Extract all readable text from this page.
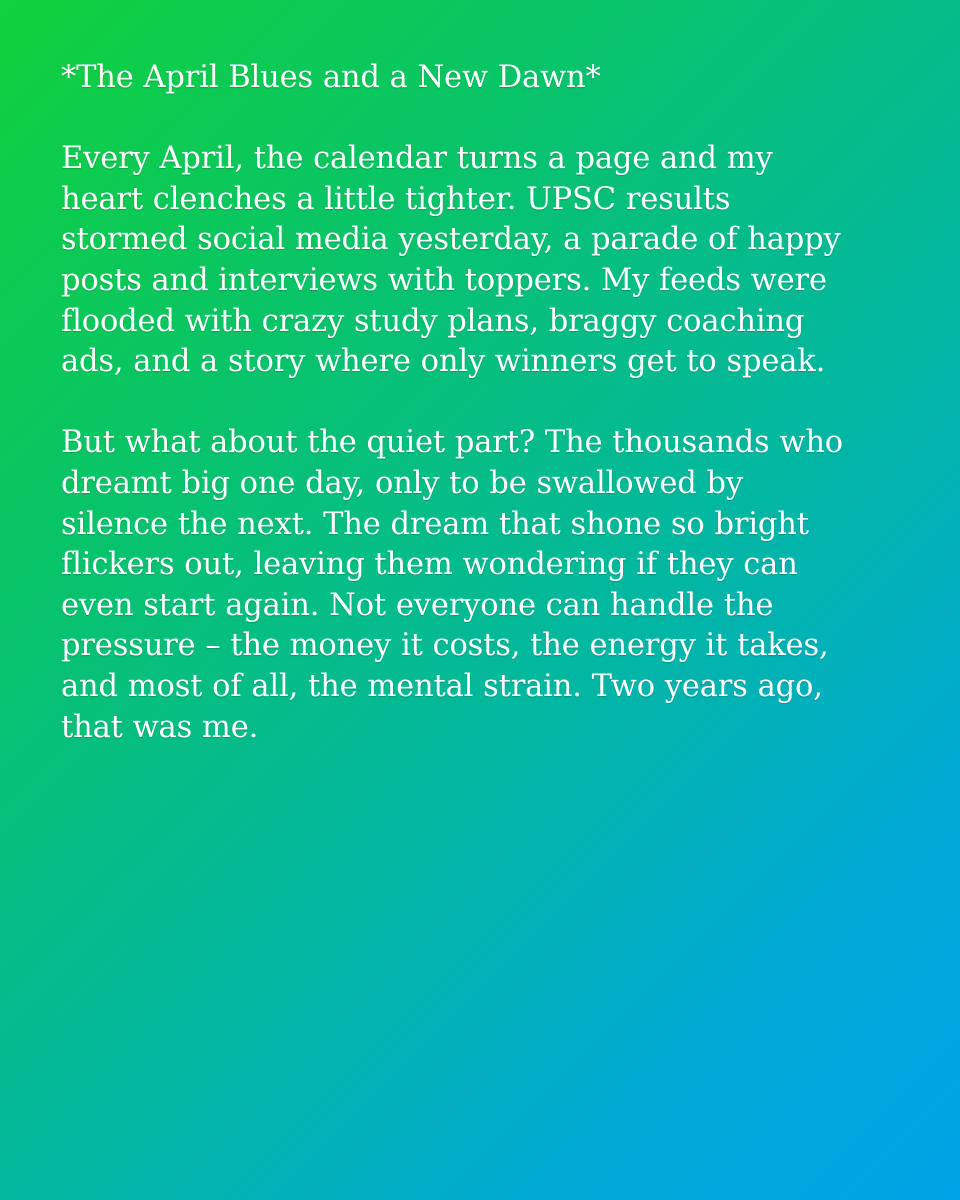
*The April Blues and a New Dawn*
Every April, the calendar turns a page and my
heart clenches a little tighter. UPSC results
stormed social media yesterday, a parade of happy
posts and interviews with toppers. My feeds were
flooded with crazy study plans, braggy coaching
ads, and a story where only winners get to speak.
But what about the quiet part? The thousands who
dreamt big one day, only to be swallowed by
silence the next. The dream that shone so bright
flickers out, leaving them wondering if they can
even start again. Not everyone can handle the
pressure – the money it costs, the energy it takes,
and most of all, the mental strain. Two years ago,
that was me.
